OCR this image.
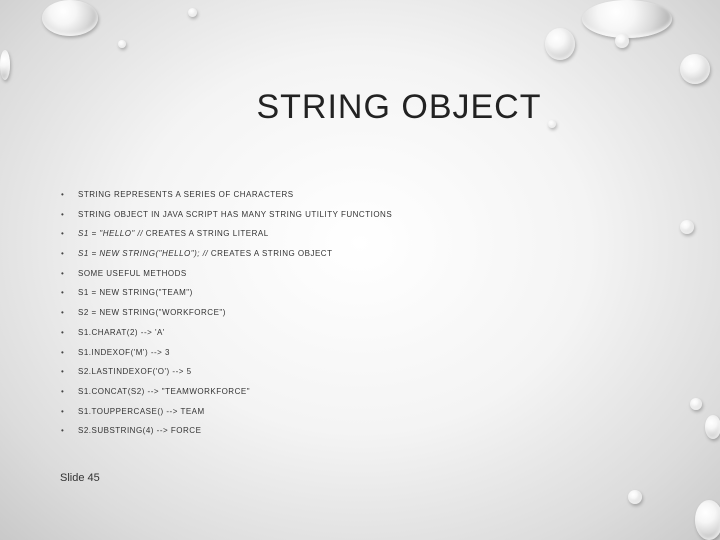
STRING OBJECT
• STRING REPRESENTS A SERIES OF CHARACTERS
• STRING OBJECT IN JAVA SCRIPT HAS MANY STRING UTILITY FUNCTIONS
• S1 = "HELLO" // CREATES A STRING LITERAL
• S1 = NEW STRING("HELLO"); // CREATES A STRING OBJECT
• SOME USEFUL METHODS
• S1 = NEW STRING("TEAM")
• S2 = NEW STRING("WORKFORCE")
• S1.CHARAT(2) --> 'A'
• S1.INDEXOF('M') --> 3
• S2.LASTINDEXOF('O') --> 5
• S1.CONCAT(S2) --> "TEAMWORKFORCE"
• S1.TOUPPERCASE() --> TEAM
• S2.SUBSTRING(4) --> FORCE
Slide 45
